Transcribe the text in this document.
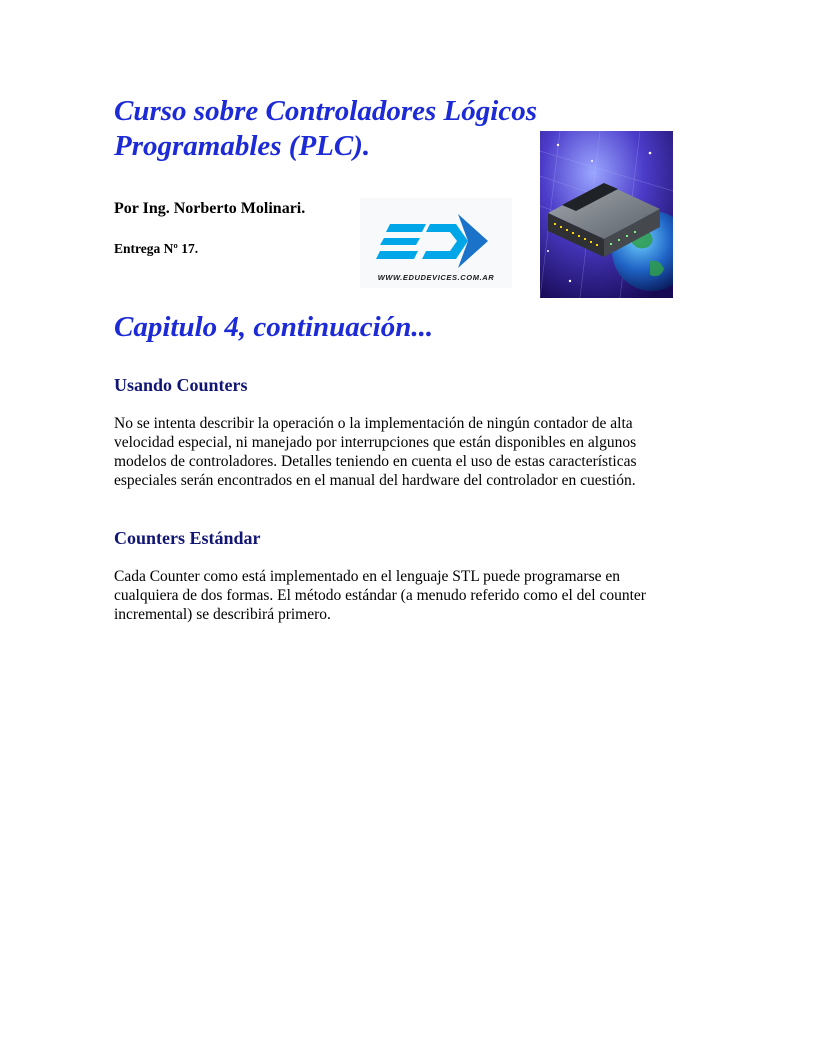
Curso sobre Controladores Lógicos
Programables (PLC).

Por Ing. Norberto Molinari.

Entrega Nº 17.

WWW.EDUDEVICES.COM.AR
Capitulo 4, continuación...
Usando Counters

No se intenta describir la operación o la implementación de ningún contador de alta
velocidad especial, ni manejado por interrupciones que están disponibles en algunos
modelos de controladores. Detalles teniendo en cuenta el uso de estas características
especiales serán encontrados en el manual del hardware del controlador en cuestión.

Counters Estándar

Cada Counter como está implementado en el lenguaje STL puede programarse en
cualquiera de dos formas. El método estándar (a menudo referido como el del counter
incremental) se describirá primero.
